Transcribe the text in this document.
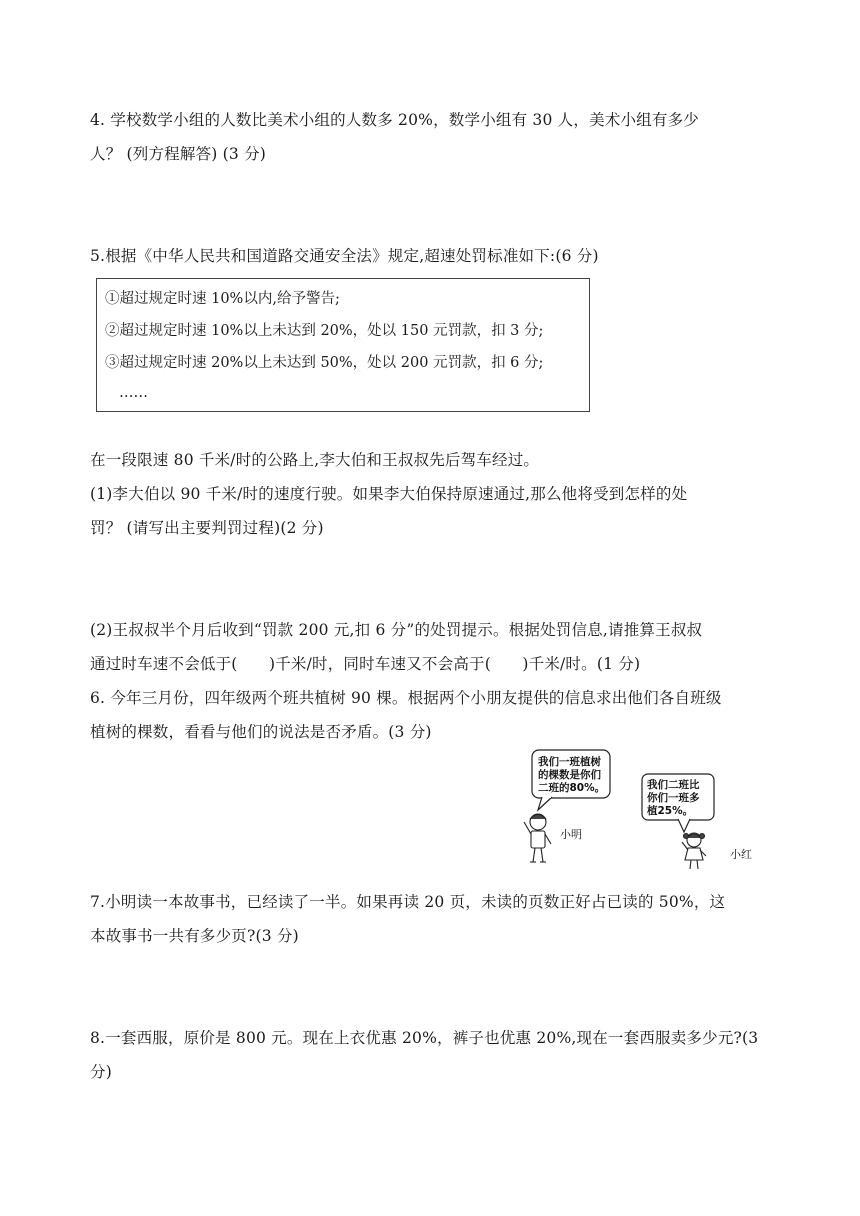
4. 学校数学小组的人数比美术小组的人数多 20%，数学小组有 30 人，美术小组有多少
人？ (列方程解答) (3 分)
5.根据《中华人民共和国道路交通安全法》规定,超速处罚标准如下:(6 分)
①超过规定时速 10%以内,给予警告;
②超过规定时速 10%以上未达到 20%，处以 150 元罚款，扣 3 分;
③超过规定时速 20%以上未达到 50%，处以 200 元罚款，扣 6 分;
……
在一段限速 80 千米/时的公路上,李大伯和王叔叔先后驾车经过。
(1)李大伯以 90 千米/时的速度行驶。如果李大伯保持原速通过,那么他将受到怎样的处
罚？ (请写出主要判罚过程)(2 分)
(2)王叔叔半个月后收到“罚款 200 元,扣 6 分”的处罚提示。根据处罚信息,请推算王叔叔
通过时车速不会低于(　　)千米/时，同时车速又不会高于(　　)千米/时。(1 分)
6. 今年三月份，四年级两个班共植树 90 棵。根据两个小朋友提供的信息求出他们各自班级
植树的棵数，看看与他们的说法是否矛盾。(3 分)
我们一班植树
的棵数是你们
二班的80%。
小明
我们二班比
你们一班多
植25%。
小红
7.小明读一本故事书，已经读了一半。如果再读 20 页，未读的页数正好占已读的 50%，这
本故事书一共有多少页?(3 分)
8.一套西服，原价是 800 元。现在上衣优惠 20%，裤子也优惠 20%,现在一套西服卖多少元?(3
分)
